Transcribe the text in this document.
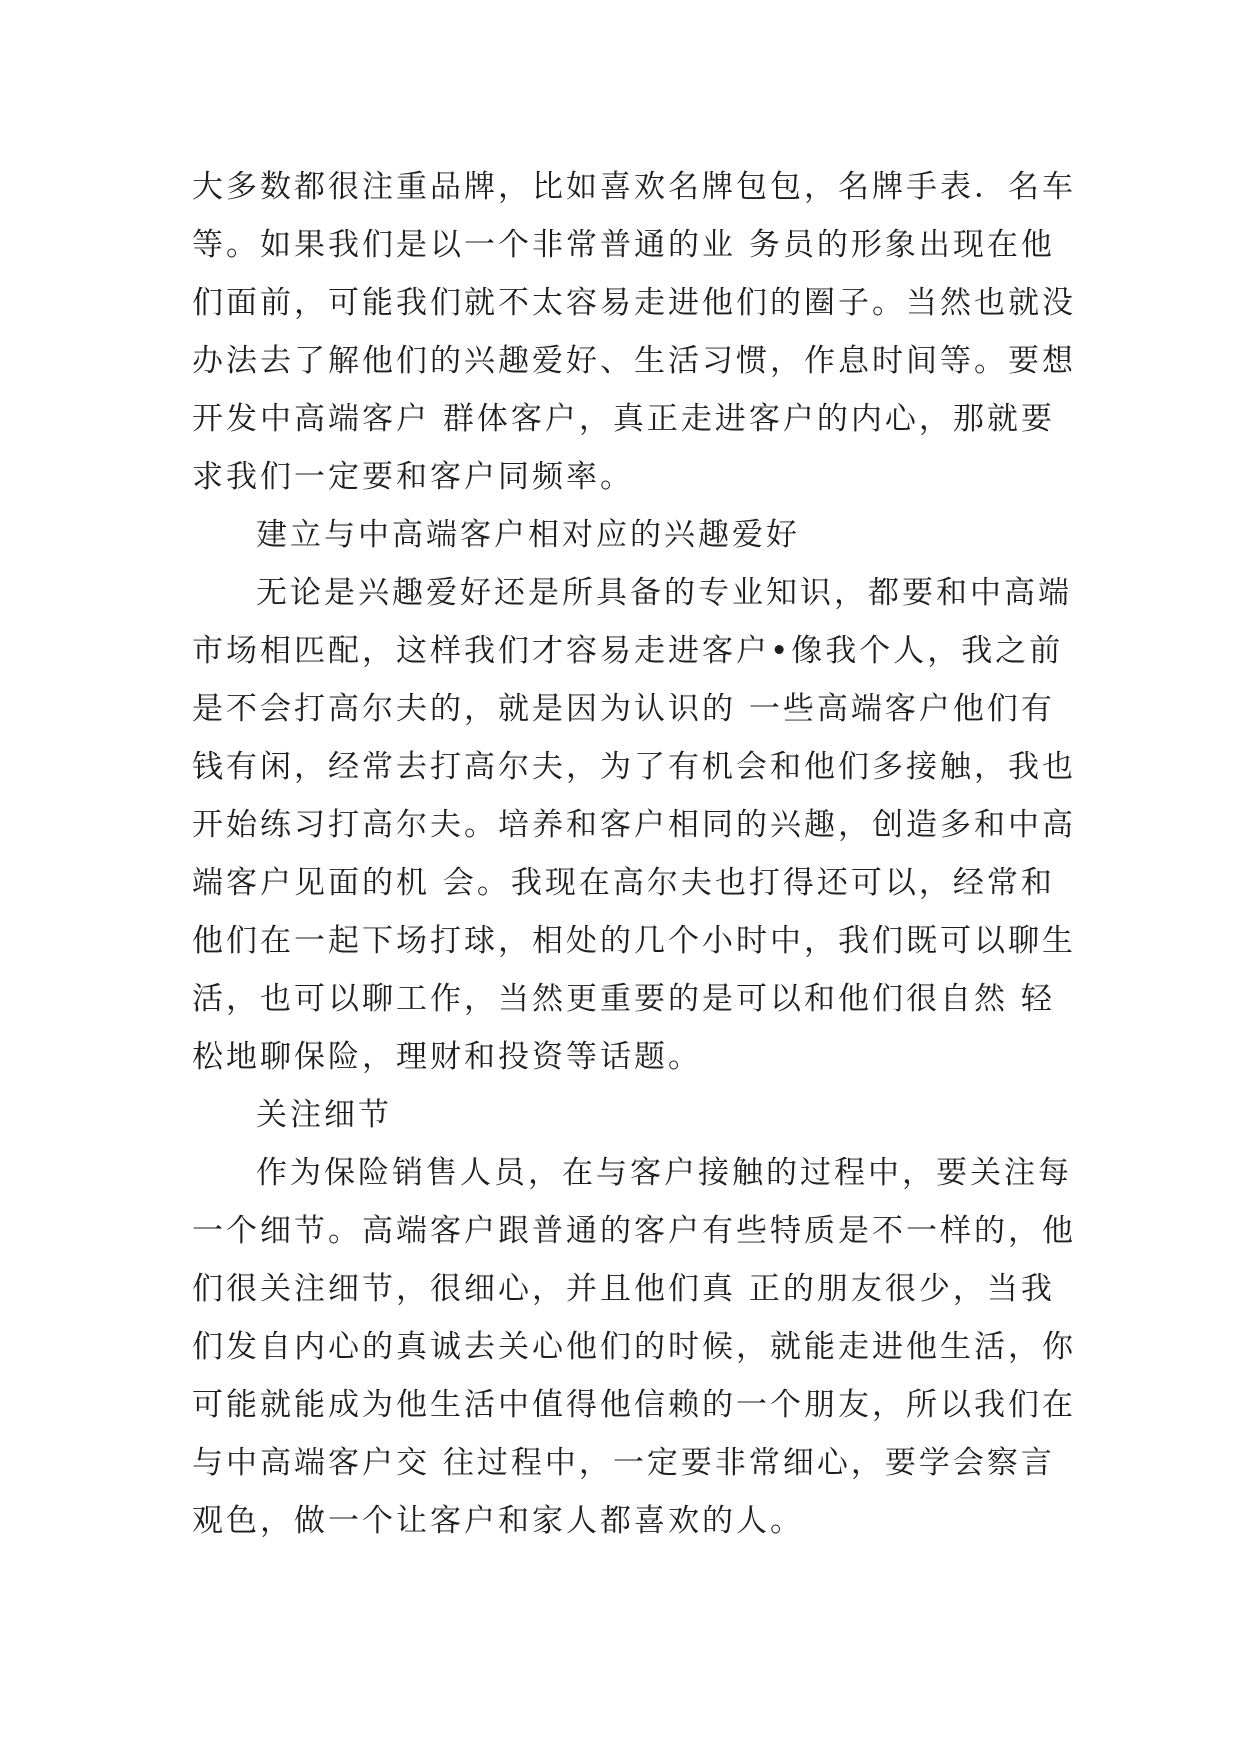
大多数都很注重品牌，比如喜欢名牌包包，名牌手表．名车
等。如果我们是以一个非常普通的业 务员的形象出现在他
们面前，可能我们就不太容易走进他们的圈子。当然也就没
办法去了解他们的兴趣爱好、生活习惯，作息时间等。要想
开发中高端客户 群体客户，真正走进客户的内心，那就要
求我们一定要和客户同频率。
建立与中高端客户相对应的兴趣爱好
无论是兴趣爱好还是所具备的专业知识，都要和中高端
市场相匹配，这样我们才容易走进客户•像我个人，我之前
是不会打高尔夫的，就是因为认识的 一些高端客户他们有
钱有闲，经常去打高尔夫，为了有机会和他们多接触，我也
开始练习打高尔夫。培养和客户相同的兴趣，创造多和中高
端客户见面的机 会。我现在高尔夫也打得还可以，经常和
他们在一起下场打球，相处的几个小时中，我们既可以聊生
活，也可以聊工作，当然更重要的是可以和他们很自然 轻
松地聊保险，理财和投资等话题。
关注细节
作为保险销售人员，在与客户接触的过程中，要关注每
一个细节。高端客户跟普通的客户有些特质是不一样的，他
们很关注细节，很细心，并且他们真 正的朋友很少，当我
们发自内心的真诚去关心他们的时候，就能走进他生活，你
可能就能成为他生活中值得他信赖的一个朋友，所以我们在
与中高端客户交 往过程中，一定要非常细心，要学会察言
观色，做一个让客户和家人都喜欢的人。
